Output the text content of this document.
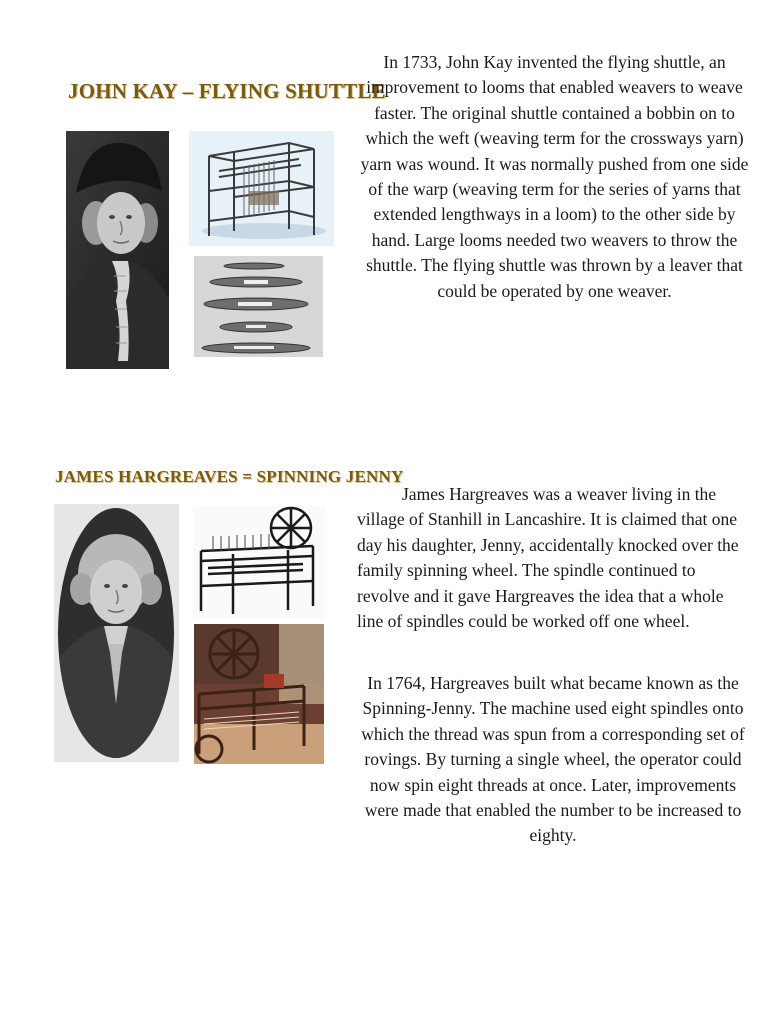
JOHN KAY – FLYING SHUTTLE

In 1733, John Kay invented the flying shuttle, an improvement to looms that enabled weavers to weave faster. The original shuttle contained a bobbin on to which the weft (weaving term for the crossways yarn) yarn was wound. It was normally pushed from one side of the warp (weaving term for the series of yarns that extended lengthways in a loom) to the other side by hand. Large looms needed two weavers to throw the shuttle. The flying shuttle was thrown by a leaver that could be operated by one weaver.

JAMES HARGREAVES = SPINNING JENNY

James Hargreaves was a weaver living in the village of Stanhill in Lancashire. It is claimed that one day his daughter, Jenny, accidentally knocked over the family spinning wheel. The spindle continued to revolve and it gave Hargreaves the idea that a whole line of spindles could be worked off one wheel.

In 1764, Hargreaves built what became known as the Spinning-Jenny. The machine used eight spindles onto which the thread was spun from a corresponding set of rovings. By turning a single wheel, the operator could now spin eight threads at once. Later, improvements were made that enabled the number to be increased to eighty.
